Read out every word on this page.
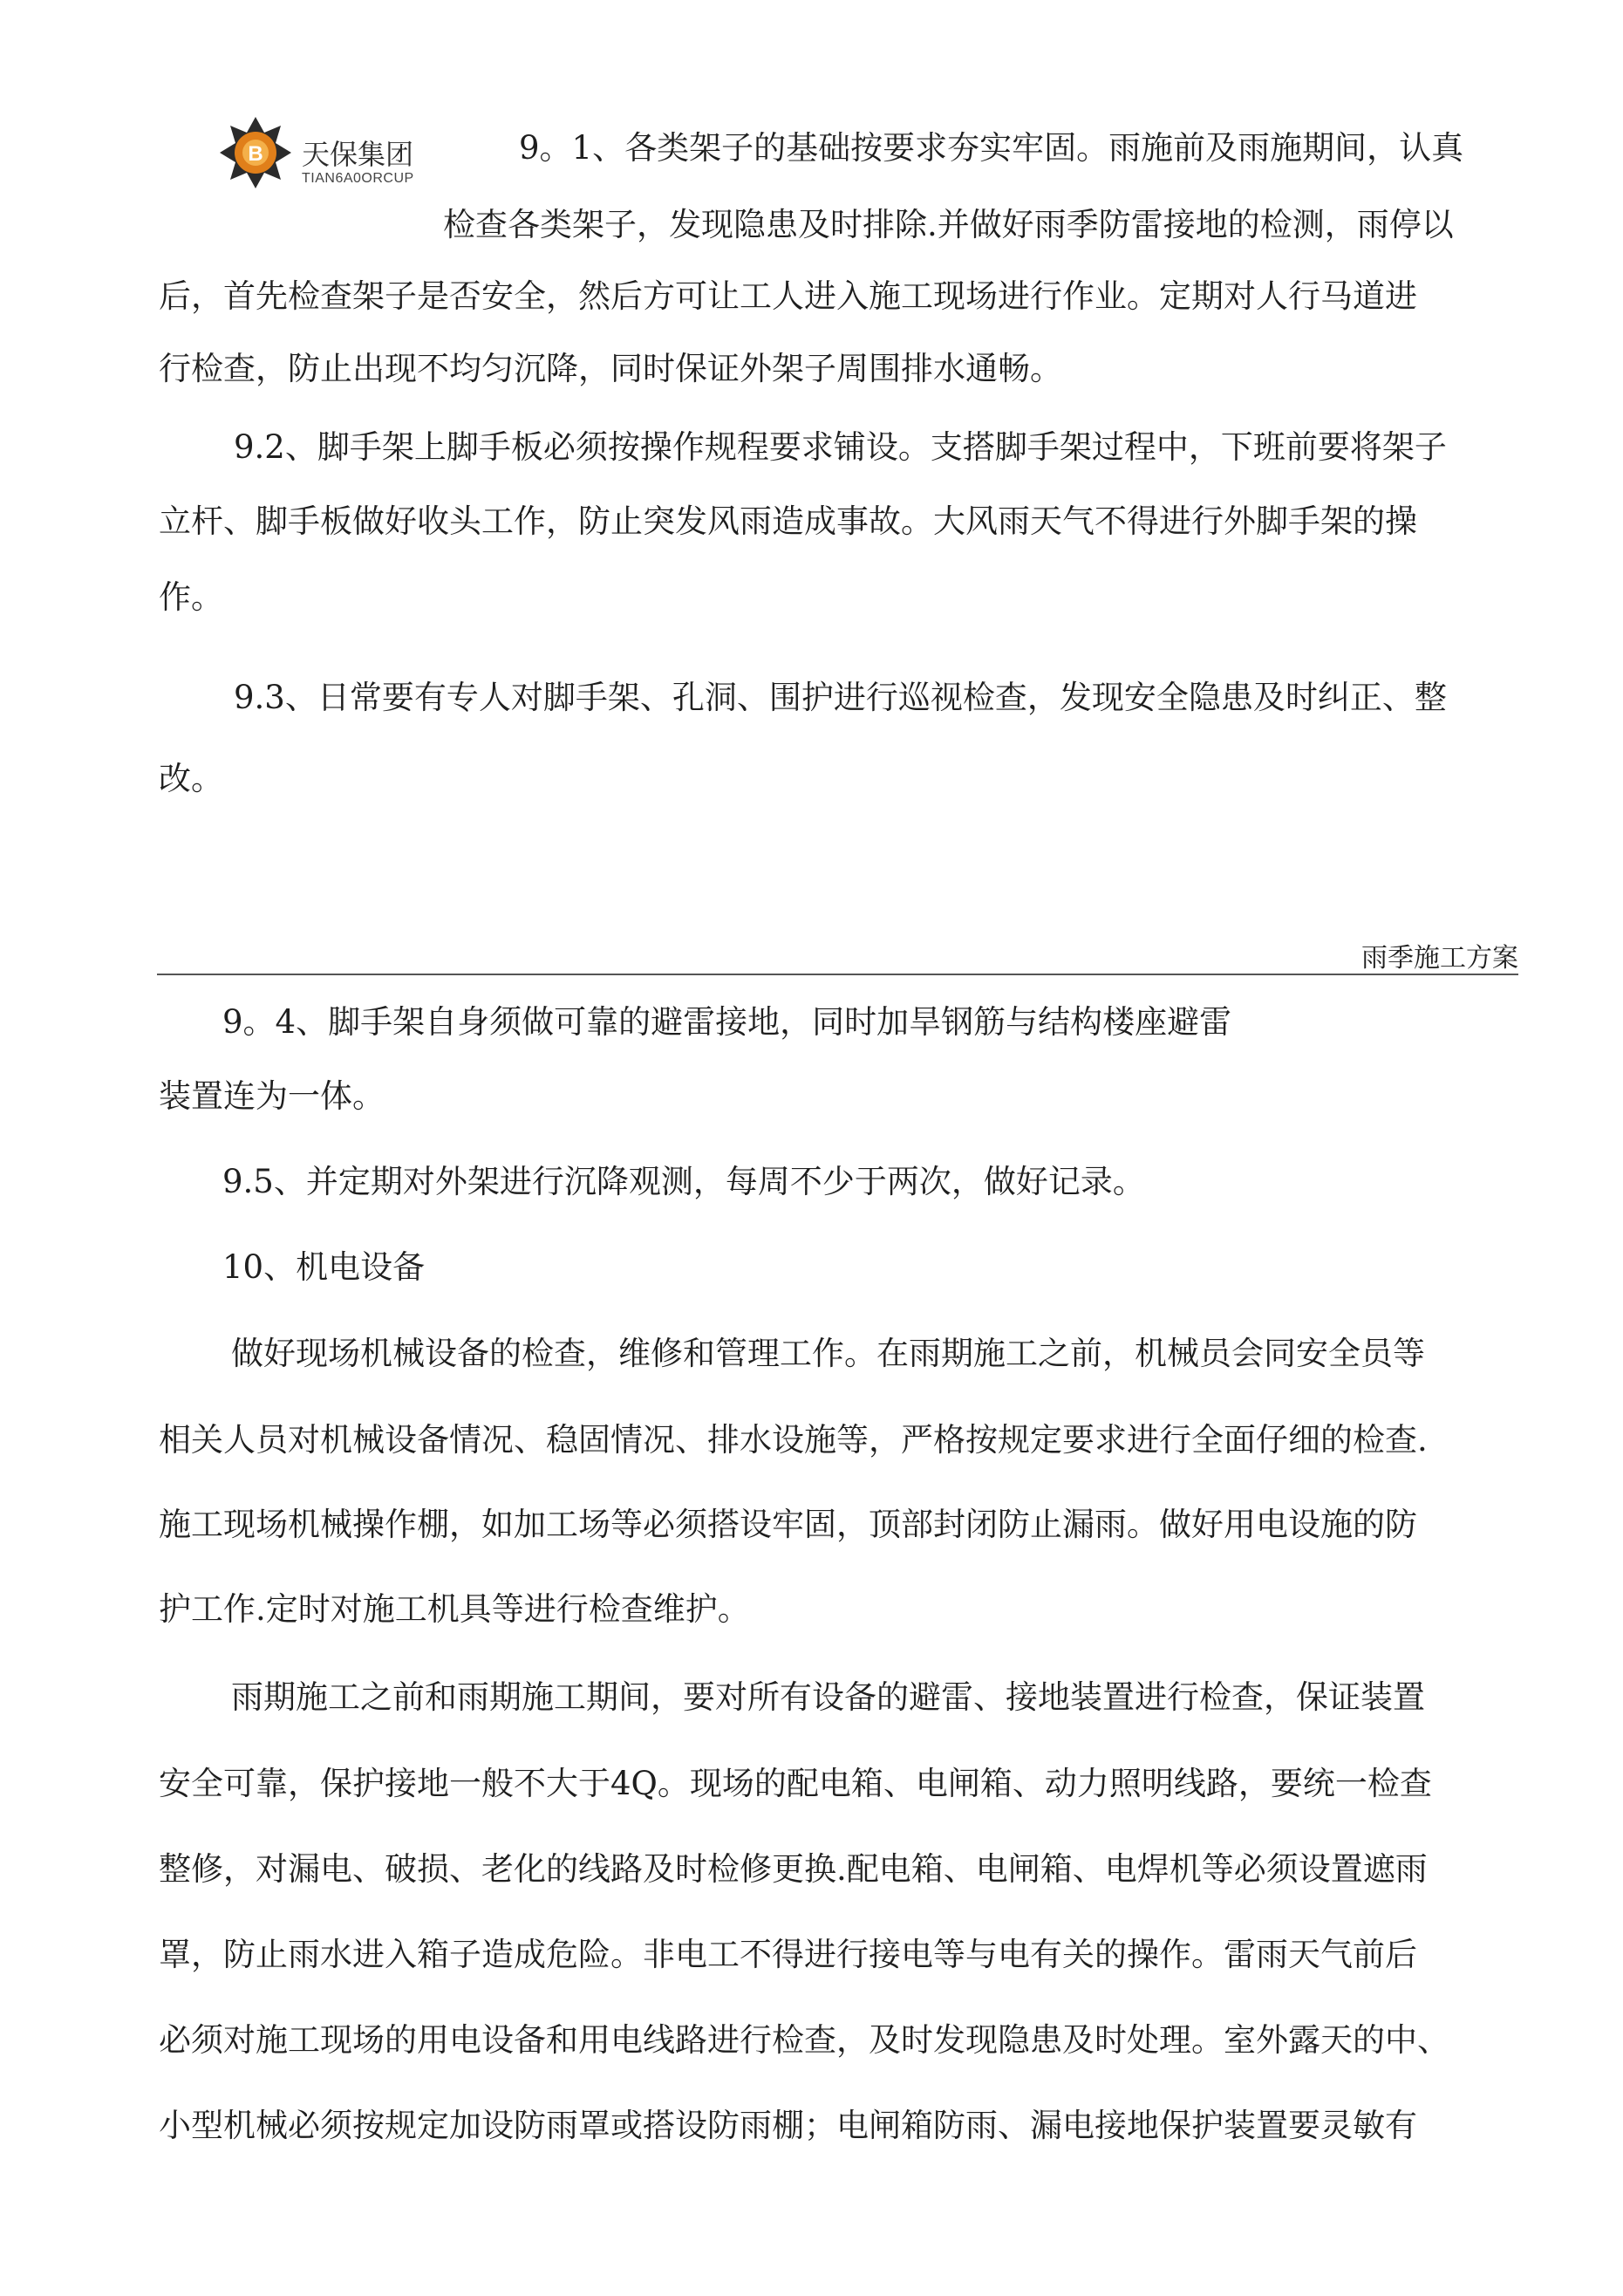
B 天保集团
TIAN6A0ORCUP
9。1、各类架子的基础按要求夯实牢固。雨施前及雨施期间，认真
检查各类架子，发现隐患及时排除.并做好雨季防雷接地的检测，雨停以
后，首先检查架子是否安全，然后方可让工人进入施工现场进行作业。定期对人行马道进
行检查，防止出现不均匀沉降，同时保证外架子周围排水通畅。
9.2、脚手架上脚手板必须按操作规程要求铺设。支搭脚手架过程中，下班前要将架子
立杆、脚手板做好收头工作，防止突发风雨造成事故。大风雨天气不得进行外脚手架的操
作。
9.3、日常要有专人对脚手架、孔洞、围护进行巡视检查，发现安全隐患及时纠正、整
改。
雨季施工方案
9。4、脚手架自身须做可靠的避雷接地，同时加旱钢筋与结构楼座避雷
装置连为一体。
9.5、并定期对外架进行沉降观测，每周不少于两次，做好记录。
10、机电设备
做好现场机械设备的检查，维修和管理工作。在雨期施工之前，机械员会同安全员等
相关人员对机械设备情况、稳固情况、排水设施等，严格按规定要求进行全面仔细的检查.
施工现场机械操作棚，如加工场等必须搭设牢固，顶部封闭防止漏雨。做好用电设施的防
护工作.定时对施工机具等进行检查维护。
雨期施工之前和雨期施工期间，要对所有设备的避雷、接地装置进行检查，保证装置
安全可靠，保护接地一般不大于4Q。现场的配电箱、电闸箱、动力照明线路，要统一检查
整修，对漏电、破损、老化的线路及时检修更换.配电箱、电闸箱、电焊机等必须设置遮雨
罩，防止雨水进入箱子造成危险。非电工不得进行接电等与电有关的操作。雷雨天气前后
必须对施工现场的用电设备和用电线路进行检查，及时发现隐患及时处理。室外露天的中、
小型机械必须按规定加设防雨罩或搭设防雨棚；电闸箱防雨、漏电接地保护装置要灵敏有
